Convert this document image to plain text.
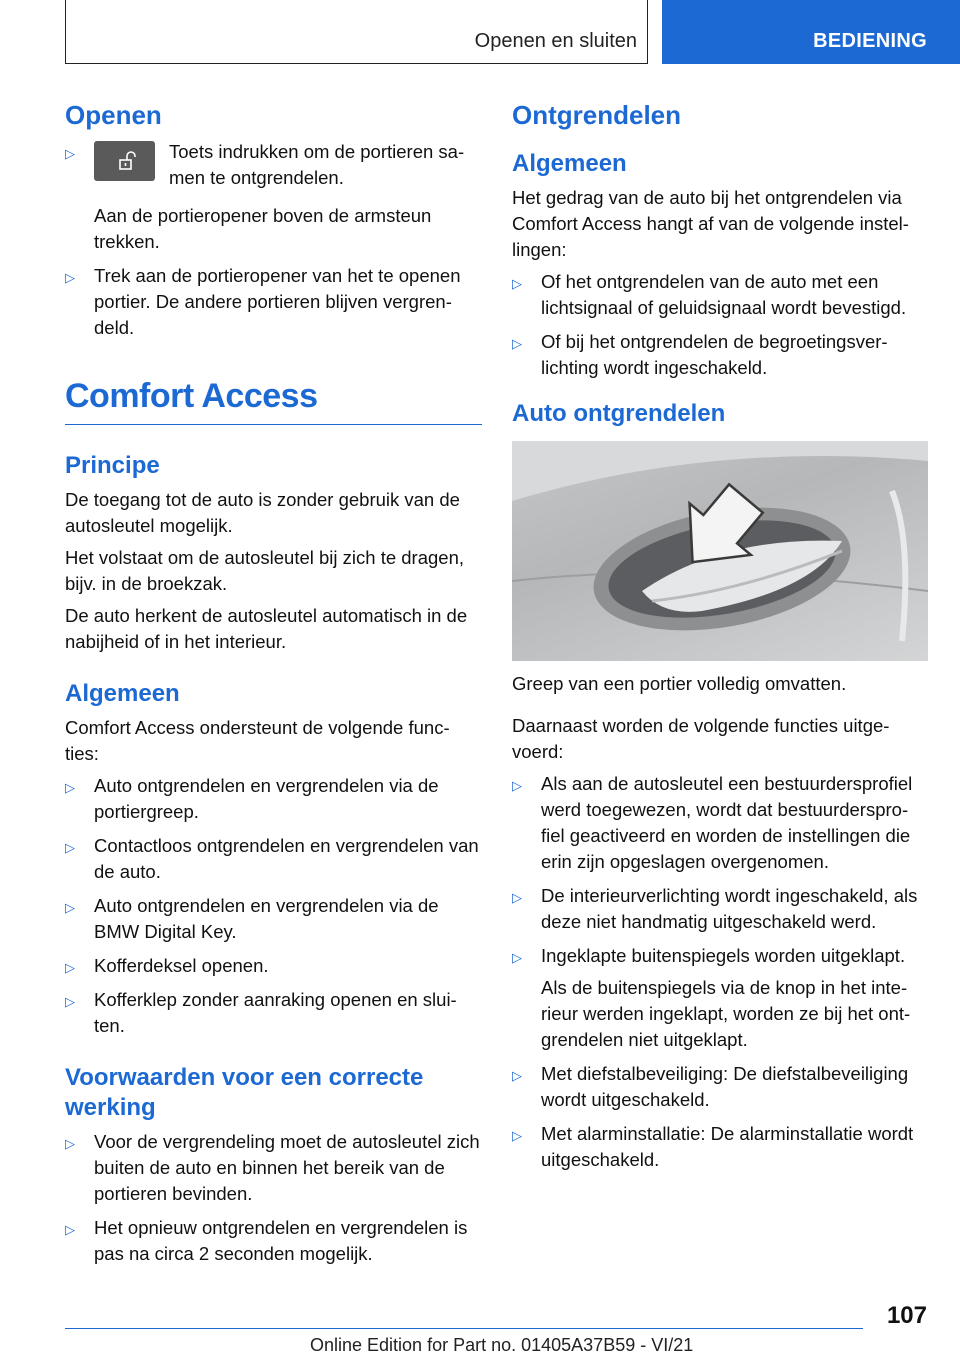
Openen en sluiten	BEDIENING
Openen
▷	Toets indrukken om de portieren sa‐men te ontgrendelen.

Aan de portieropener boven de armsteun trekken.

▷ Trek aan de portieropener van het te openen portier. De andere portieren blijven vergren‐deld.
Comfort Access
Principe

De toegang tot de auto is zonder gebruik van de autosleutel mogelijk.

Het volstaat om de autosleutel bij zich te dragen, bijv. in de broekzak.

De auto herkent de autosleutel automatisch in de nabijheid of in het interieur.

Algemeen

Comfort Access ondersteunt de volgende func‐ties:

▷ Auto ontgrendelen en vergrendelen via de portiergreep.
▷ Contactloos ontgrendelen en vergrendelen van de auto.
▷ Auto ontgrendelen en vergrendelen via de BMW Digital Key.
▷ Kofferdeksel openen.
▷ Kofferklep zonder aanraking openen en slui‐ten.
Voorwaarden voor een correcte werking
▷ Voor de vergrendeling moet de autosleutel zich buiten de auto en binnen het bereik van de portieren bevinden.
▷ Het opnieuw ontgrendelen en vergrendelen is pas na circa 2 seconden mogelijk.
Ontgrendelen
Algemeen

Het gedrag van de auto bij het ontgrendelen via Comfort Access hangt af van de volgende instel‐lingen:

▷ Of het ontgrendelen van de auto met een lichtsignaal of geluidsignaal wordt bevestigd.
▷ Of bij het ontgrendelen de begroetingsver‐lichting wordt ingeschakeld.
Auto ontgrendelen

Greep van een portier volledig omvatten.

Daarnaast worden de volgende functies uitge‐voerd:

▷ Als aan de autosleutel een bestuurdersprofiel werd toegewezen, wordt dat bestuurderspro‐fiel geactiveerd en worden de instellingen die erin zijn opgeslagen overgenomen.
▷ De interieurverlichting wordt ingeschakeld, als deze niet handmatig uitgeschakeld werd.
▷ Ingeklapte buitenspiegels worden uitgeklapt.

Als de buitenspiegels via de knop in het inte‐rieur werden ingeklapt, worden ze bij het ont‐grendelen niet uitgeklapt.

▷ Met diefstalbeveiliging: De diefstalbeveiliging wordt uitgeschakeld.
▷ Met alarminstallatie: De alarminstallatie wordt uitgeschakeld.
107
Online Edition for Part no. 01405A37B59 - VI/21
